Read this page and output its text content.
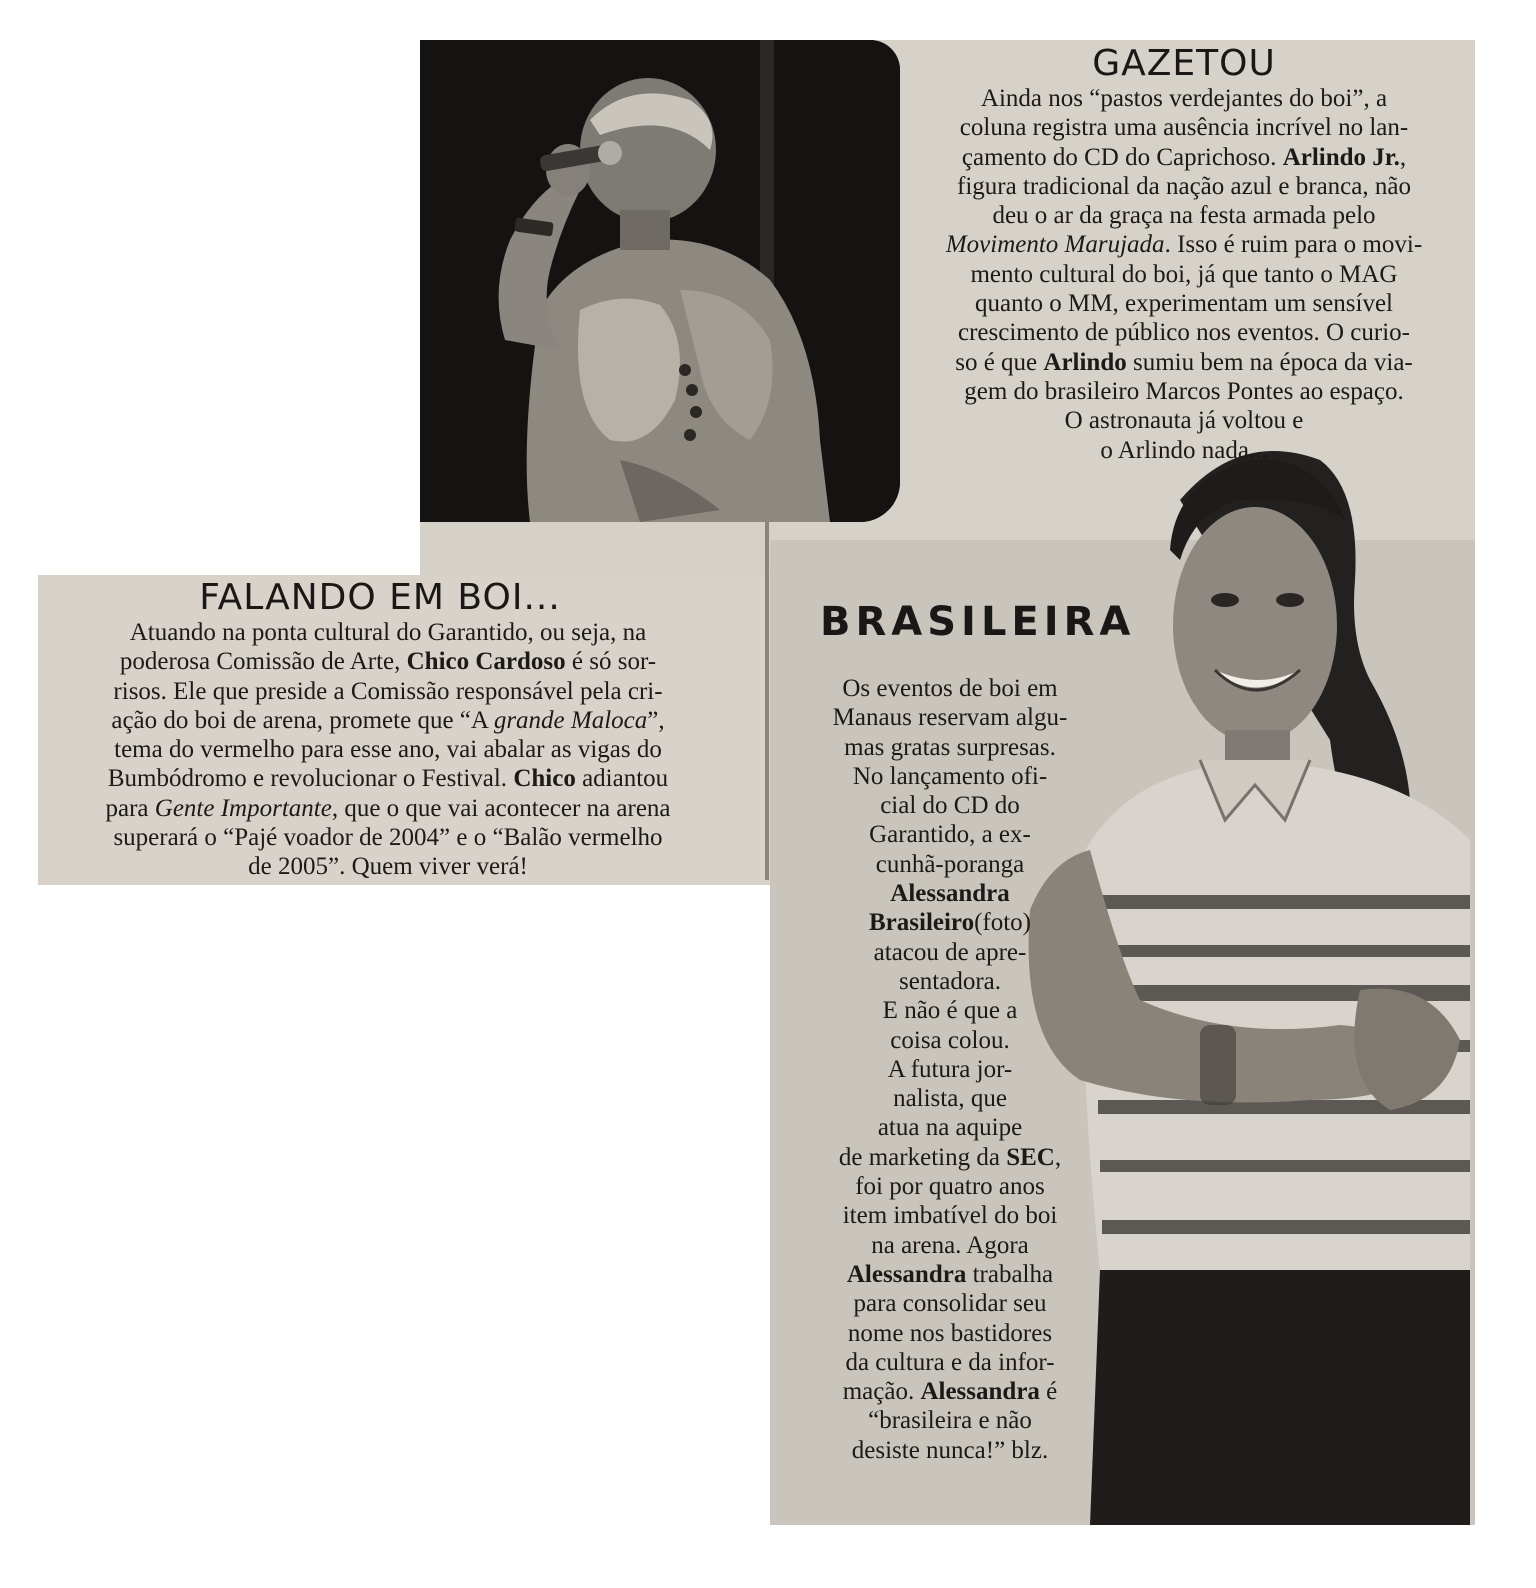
GAZETOU

Ainda nos “pastos verdejantes do boi”, a

coluna registra uma ausência incrível no lan-

çamento do CD do Caprichoso. Arlindo Jr.,

figura tradicional da nação azul e branca, não

deu o ar da graça na festa armada pelo

Movimento Marujada. Isso é ruim para o movi-

mento cultural do boi, já que tanto o MAG

quanto o MM, experimentam um sensível

crescimento de público nos eventos. O curio-

so é que Arlindo sumiu bem na época da via-

gem do brasileiro Marcos Pontes ao espaço.

O astronauta já voltou e

o Arlindo nada...

FALANDO EM BOI...

Atuando na ponta cultural do Garantido, ou seja, na

poderosa Comissão de Arte, Chico Cardoso é só sor-

risos. Ele que preside a Comissão responsável pela cri-

ação do boi de arena, promete que “A grande Maloca”,

tema do vermelho para esse ano, vai abalar as vigas do

Bumbódromo e revolucionar o Festival. Chico adiantou

para Gente Importante, que o que vai acontecer na arena

superará o “Pajé voador de 2004” e o “Balão vermelho

de 2005”. Quem viver verá!

BRASILEIRA

Os eventos de boi em

Manaus reservam algu-

mas gratas surpresas.

No lançamento ofi-

cial do CD do

Garantido, a ex-

cunhã-poranga

Alessandra

Brasileiro(foto)

atacou de apre-

sentadora.

E não é que a

coisa colou.

A futura jor-

nalista, que

atua na aquipe

de marketing da SEC,

foi por quatro anos

item imbatível do boi

na arena. Agora

Alessandra trabalha

para consolidar seu

nome nos bastidores

da cultura e da infor-

mação. Alessandra é

“brasileira e não

desiste nunca!” blz.
